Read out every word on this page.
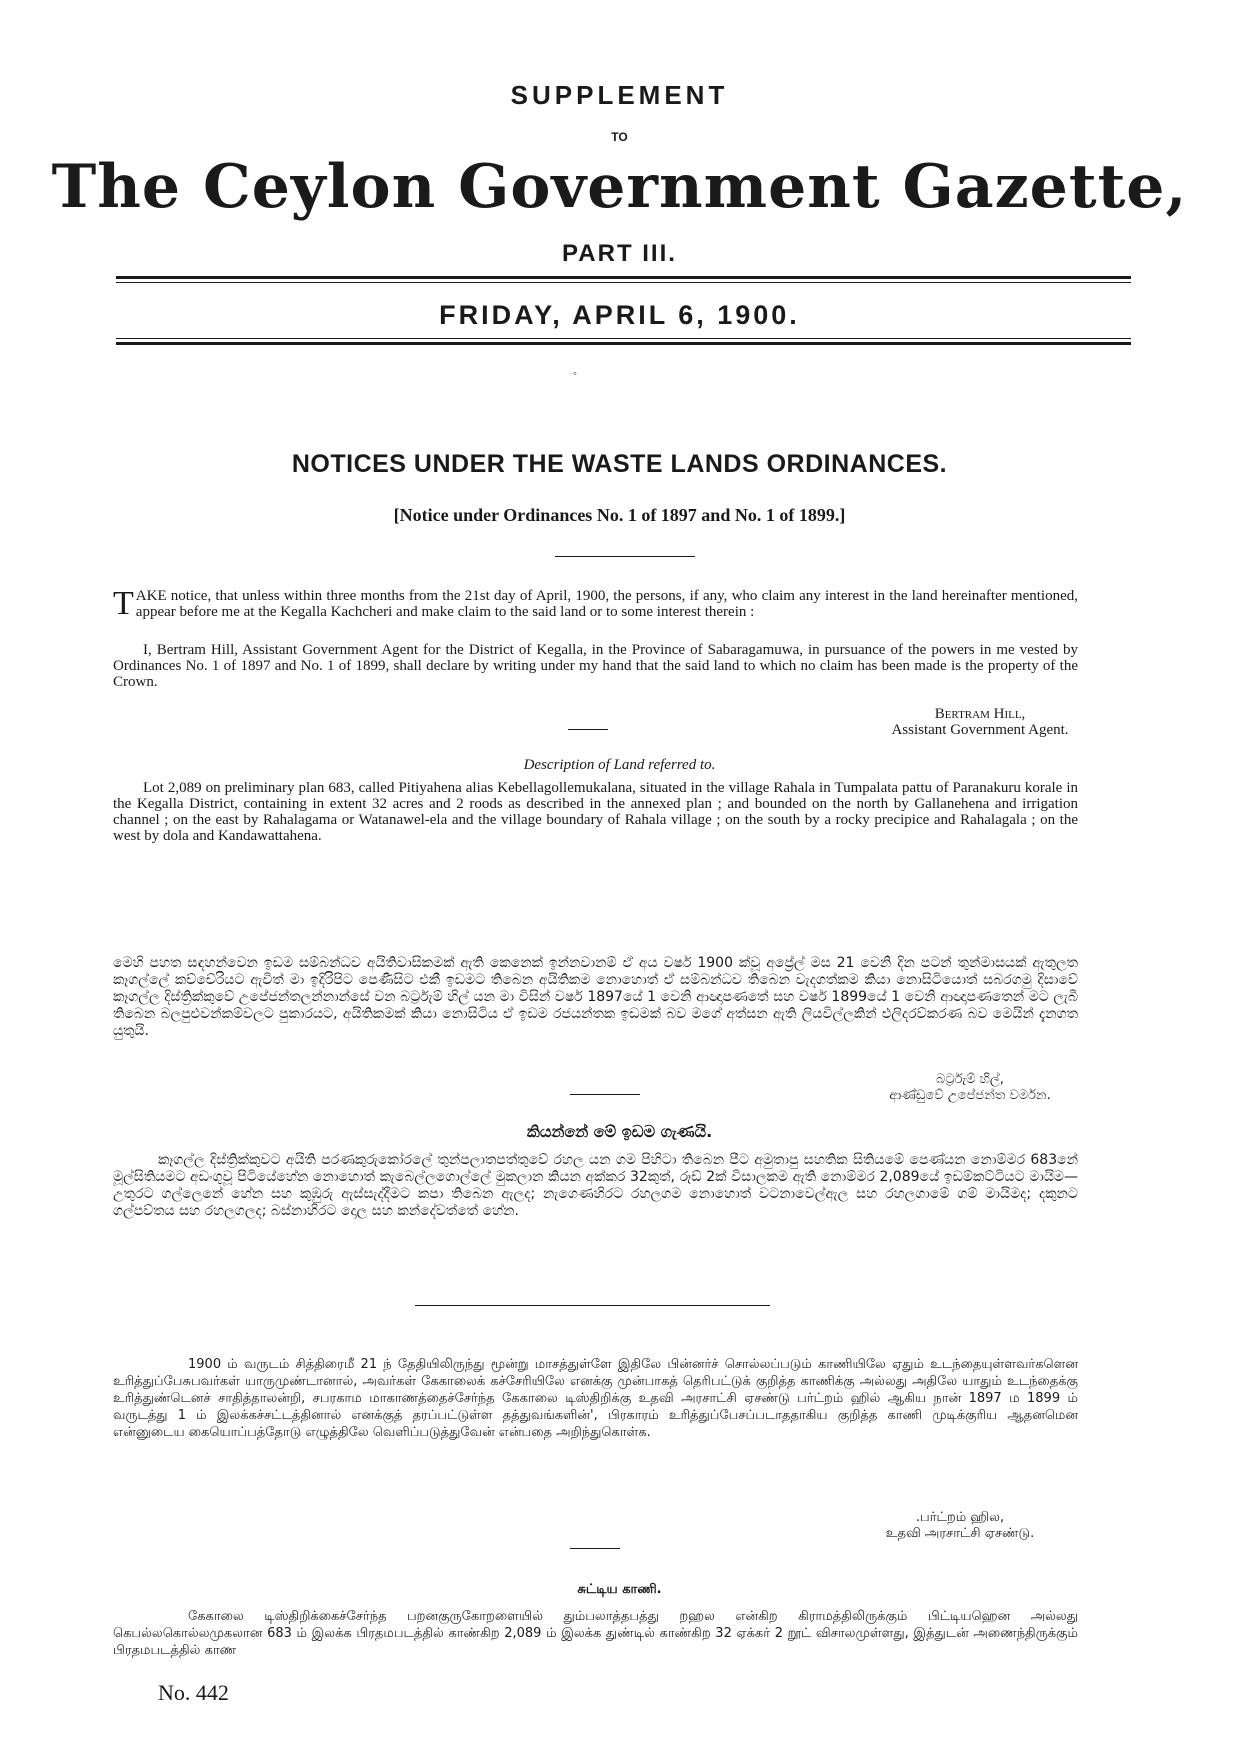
SUPPLEMENT
TO
The Ceylon Government Gazette,
PART III.
FRIDAY, APRIL 6, 1900.
◦
NOTICES UNDER THE WASTE LANDS ORDINANCES.
[Notice under Ordinances No. 1 of 1897 and No. 1 of 1899.]
TAKE notice, that unless within three months from the 21st day of April, 1900, the persons, if any, who claim any interest in the land hereinafter mentioned, appear before me at the Kegalla Kachcheri and make claim to the said land or to some interest therein :
I, Bertram Hill, Assistant Government Agent for the District of Kegalla, in the Province of Sabaragamuwa, in pursuance of the powers in me vested by Ordinances No. 1 of 1897 and No. 1 of 1899, shall declare by writing under my hand that the said land to which no claim has been made is the property of the Crown.
Bertram Hill,
Assistant Government Agent.
Description of Land referred to.
Lot 2,089 on preliminary plan 683, called Pitiyahena alias Kebellagollemukalana, situated in the village Rahala in Tumpalata pattu of Paranakuru korale in the Kegalla District, containing in extent 32 acres and 2 roods as described in the annexed plan ; and bounded on the north by Gallanehena and irrigation channel ; on the east by Rahalagama or Watanawel-ela and the village boundary of Rahala village ; on the south by a rocky precipice and Rahalagala ; on the west by dola and Kandawattahena.
මෙහි පහත සඳහන්වෙන ඉඩම සම්බන්ධව අයිතිවාසිකමක් ඇති කෙනෙක් ඉන්නවානම් ඒ අය වර්ෂ 1900 ක්වූ අප්‍රේල් මස 21 වෙනි දින පටන් තුන්මාසයක් ඇතුලත කෑගල්ලේ කච්චේරියට ඇවිත් මා ඉදිරිපිට පෙණීසිට එකී ඉඩමට තිබෙන අයිතිකම නොහොත් ඒ සම්බන්ධව තිබෙන වැදගත්කම කියා නොසිටියොත් සබරගමු දිසාවේ කෑගල්ල දිස්ත්‍රික්කුවේ උපේජන්තලන්නාන්සේ වන බර්ට්‍රැම් හිල් යන මා විසින් වර්ෂ 1897යේ 1 වෙනි ආඥාපණතේ සහ වර්ෂ 1899යේ 1 වෙනි ආඥාපණතෙන් මට ලැබී තිබෙන බලපුළුවන්කම්වලට පුකාරයට, අයිතිකමක් කියා නොසිටිය ඒ ඉඩම රජයන්තක ඉඩමක් බව මගේ අත්සන ඇති ලියවිල්ලකින් එලිදරව්කරණ බව මෙයින් දැනගත යුතුයි.
බර්ට්‍රැම් හිල්,
ආණ්ඩුවේ උපේජන්ත වර්මන.
කියන්නේ මේ ඉඩම ගැණයි.
කෑගල්ල දිස්ත්‍රික්කුවට අයිති පරණකුරුකෝරලේ තුන්පලාතපත්තුවේ රහල යන ගම පිහිටා තිබෙන පීට අමුතාපු සහතික සිතියමේ පෙණ්යන නොම්මර 683නේ මූල්සිතියමට අඩංගුවූ පිටියේහේන නොහොත් කැබෙල්ලගොල්ලේ මුකලාන කියන අක්කර 32කුත්, රූඩ් 2ක් විසාලකම ඇති නොම්මර 2,089යේ ඉඩම්කට්ටියට මායිම—උතුරට ගල්ලෙනේ හේන සහ කුඹුරු ඇස්සැද්දීමට කපා තිබෙන ඇලද; නැගෙණහිරට රහලගම නොහොත් වටනාවෙල්ඇල සහ රහලගාමේ ගම් මායිමද; දකුනට ගල්පව්තය සහ රහලගලද; බස්නාහිරට දොල සහ කන්දේවත්තේ හේන.
1900 ம் வருடம் சித்திரைமீ 21 ந் தேதியிலிருந்து மூன்று மாசத்துள்ளே இதிலே பின்னர்ச் சொல்லப்படும் காணியிலே ஏதும் உடந்தையுள்ளவர்களென உரித்துப்பேசுபவர்கள் யாருமுண்டானால், அவர்கள் கேகாலைக் கச்சேரியிலே எனக்கு முன்பாகத் தெரிபட்டுக் குறித்த காணிக்கு அல்லது அதிலே யாதும் உடந்தைக்கு உரித்துண்டெனச் சாதித்தாலன்றி, சபரகாம மாகாணத்தைச்சேர்ந்த கேகாலை டிஸ்திறிக்கு உதவி அரசாட்சி ஏசண்டு பர்ட்றம் ஹில் ஆகிய நான் 1897 ம 1899 ம் வருடத்து 1 ம் இலக்கச்சட்டத்தினால் எனக்குத் தரப்பட்டுள்ள தத்துவங்களின்', பிரகாரம் உரித்துப்பேசப்படாததாகிய குறித்த காணி முடிக்குரிய ஆதனமென என்னுடைய கையொப்பத்தோடு எழுத்திலே வெளிப்படுத்துவேன் என்பதை அறிந்துகொள்க.
.பர்ட்றம் ஹில,
உதவி அரசாட்சி ஏசண்டு.
சுட்டிய காணி.
கேகாலை டிஸ்திறிக்கைச்சேர்ந்த பறனகுருகோறளையில் தும்பலாத்தபத்து றஹல என்கிற கிராமத்திலிருக்கும் பிட்டியஹென அல்லது கெபல்லகொல்லமுகலான 683 ம் இலக்க பிரதமபடத்தில் காண்கிற 2,089 ம் இலக்க துண்டில் காண்கிற 32 ஏக்கர் 2 றூட் விசாலமுள்ளது, இத்துடன் அணைந்திருக்கும் பிரதமபடத்தில் காண
No. 442
